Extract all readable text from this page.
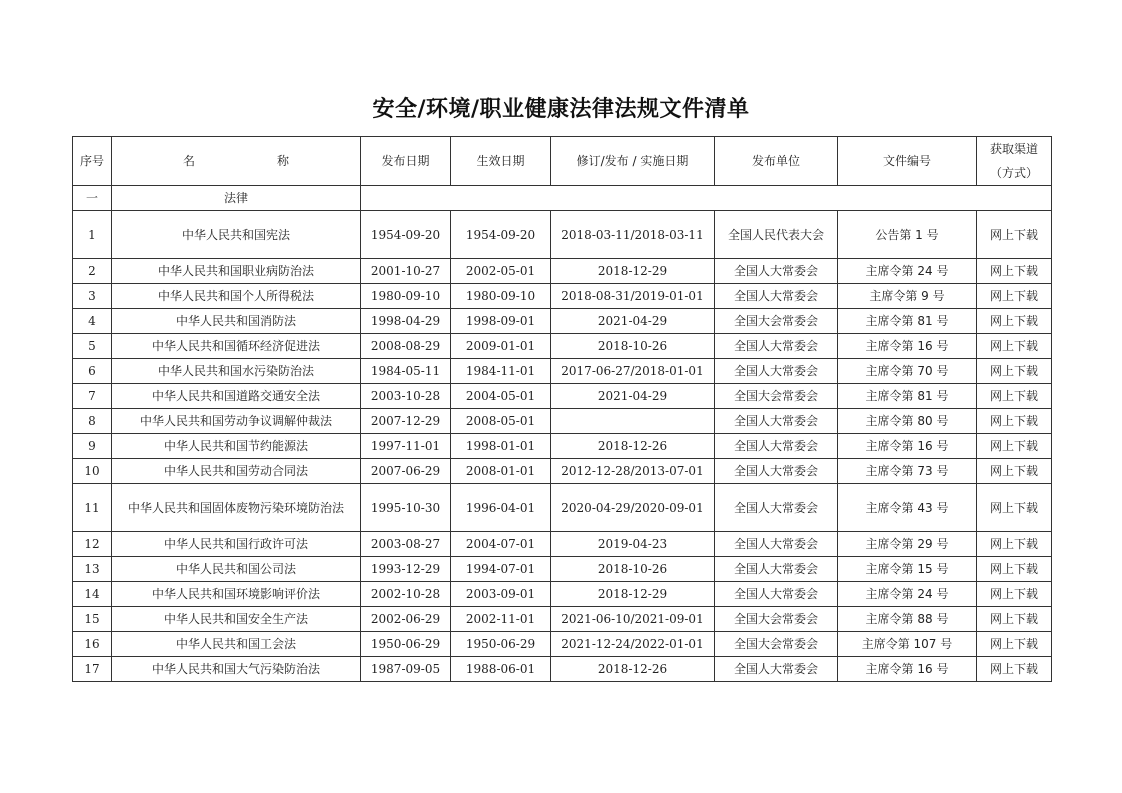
安全/环境/职业健康法律法规文件清单
序号	名 称	发布日期	生效日期	修订/发布 / 实施日期	发布单位	文件编号	获取渠道（方式）
一	法律						
1	中华人民共和国宪法	1954-09-20	1954-09-20	2018-03-11/2018-03-11	全国人民代表大会	公告第 1 号	网上下载
2	中华人民共和国职业病防治法	2001-10-27	2002-05-01	2018-12-29	全国人大常委会	主席令第 24 号	网上下载
3	中华人民共和国个人所得税法	1980-09-10	1980-09-10	2018-08-31/2019-01-01	全国人大常委会	主席令第 9 号	网上下载
4	中华人民共和国消防法	1998-04-29	1998-09-01	2021-04-29	全国大会常委会	主席令第 81 号	网上下载
5	中华人民共和国循环经济促进法	2008-08-29	2009-01-01	2018-10-26	全国人大常委会	主席令第 16 号	网上下载
6	中华人民共和国水污染防治法	1984-05-11	1984-11-01	2017-06-27/2018-01-01	全国人大常委会	主席令第 70 号	网上下载
7	中华人民共和国道路交通安全法	2003-10-28	2004-05-01	2021-04-29	全国大会常委会	主席令第 81 号	网上下载
8	中华人民共和国劳动争议调解仲裁法	2007-12-29	2008-05-01		全国人大常委会	主席令第 80 号	网上下载
9	中华人民共和国节约能源法	1997-11-01	1998-01-01	2018-12-26	全国人大常委会	主席令第 16 号	网上下载
10	中华人民共和国劳动合同法	2007-06-29	2008-01-01	2012-12-28/2013-07-01	全国人大常委会	主席令第 73 号	网上下载
11	中华人民共和国固体废物污染环境防治法	1995-10-30	1996-04-01	2020-04-29/2020-09-01	全国人大常委会	主席令第 43 号	网上下载
12	中华人民共和国行政许可法	2003-08-27	2004-07-01	2019-04-23	全国人大常委会	主席令第 29 号	网上下载
13	中华人民共和国公司法	1993-12-29	1994-07-01	2018-10-26	全国人大常委会	主席令第 15 号	网上下载
14	中华人民共和国环境影响评价法	2002-10-28	2003-09-01	2018-12-29	全国人大常委会	主席令第 24 号	网上下载
15	中华人民共和国安全生产法	2002-06-29	2002-11-01	2021-06-10/2021-09-01	全国大会常委会	主席令第 88 号	网上下载
16	中华人民共和国工会法	1950-06-29	1950-06-29	2021-12-24/2022-01-01	全国大会常委会	主席令第 107 号	网上下载
17	中华人民共和国大气污染防治法	1987-09-05	1988-06-01	2018-12-26	全国人大常委会	主席令第 16 号	网上下载
